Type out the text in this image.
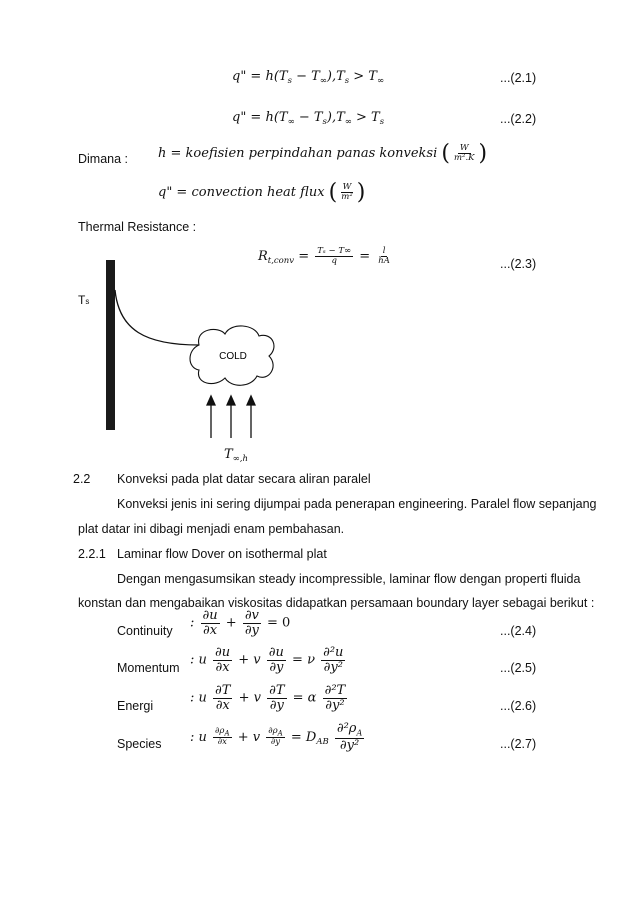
q" = $h(T_s - T_\infty),T_s > T_\infty$	...(2.1)
q" = $h(T_\infty - T_s),T_\infty > T_s$	...(2.2)
Dimana : h = koefisien perpindahan panas konveksi ( $\frac{W}{\text{m².K}}$ )
q" = convection heat flux ( $\frac{W}{\text{m²}}$ )
Thermal Resistance :
$R_{t,conv} = \frac{\text{Tₛ − T∞}}{q} = \frac{l}{hA}$	...(2.3)
Ts
COLD
$T_{\infty,h}$
2.2 Konveksi pada plat datar secara aliran paralel
Konveksi jenis ini sering dijumpai pada penerapan engineering. Paralel flow sepanjang
plat datar ini dibagi menjadi enam pembahasan.
2.2.1 Laminar flow Dover on isothermal plat
Dengan mengasumsikan steady incompressible, laminar flow dengan properti fluida
konstan dan mengabaikan viskositas didapatkan persamaan boundary layer sebagai berikut :
Continuity
: $\frac{\partial u}{\partial x} + \frac{\partial v}{\partial y} = 0$
...(2.4)
Momentum
: u $\frac{\partial u}{\partial x} + v \frac{\partial u}{\partial y} = \nu \frac{\text{∂²u}}{\text{∂y²}}$	...(2.5)
Energi
: u $\frac{\partial T}{\partial x} + v \frac{\partial T}{\partial y} = \alpha \frac{\text{∂²T}}{\text{∂y²}}$	...(2.6)
Species : u $\frac{\partial\rho_A}{\partial x} + v \frac{\partial\rho_A}{\partial y} = D_{AB} \frac{\partial^2\rho_A}{\text{∂y²}}$	...(2.7)
